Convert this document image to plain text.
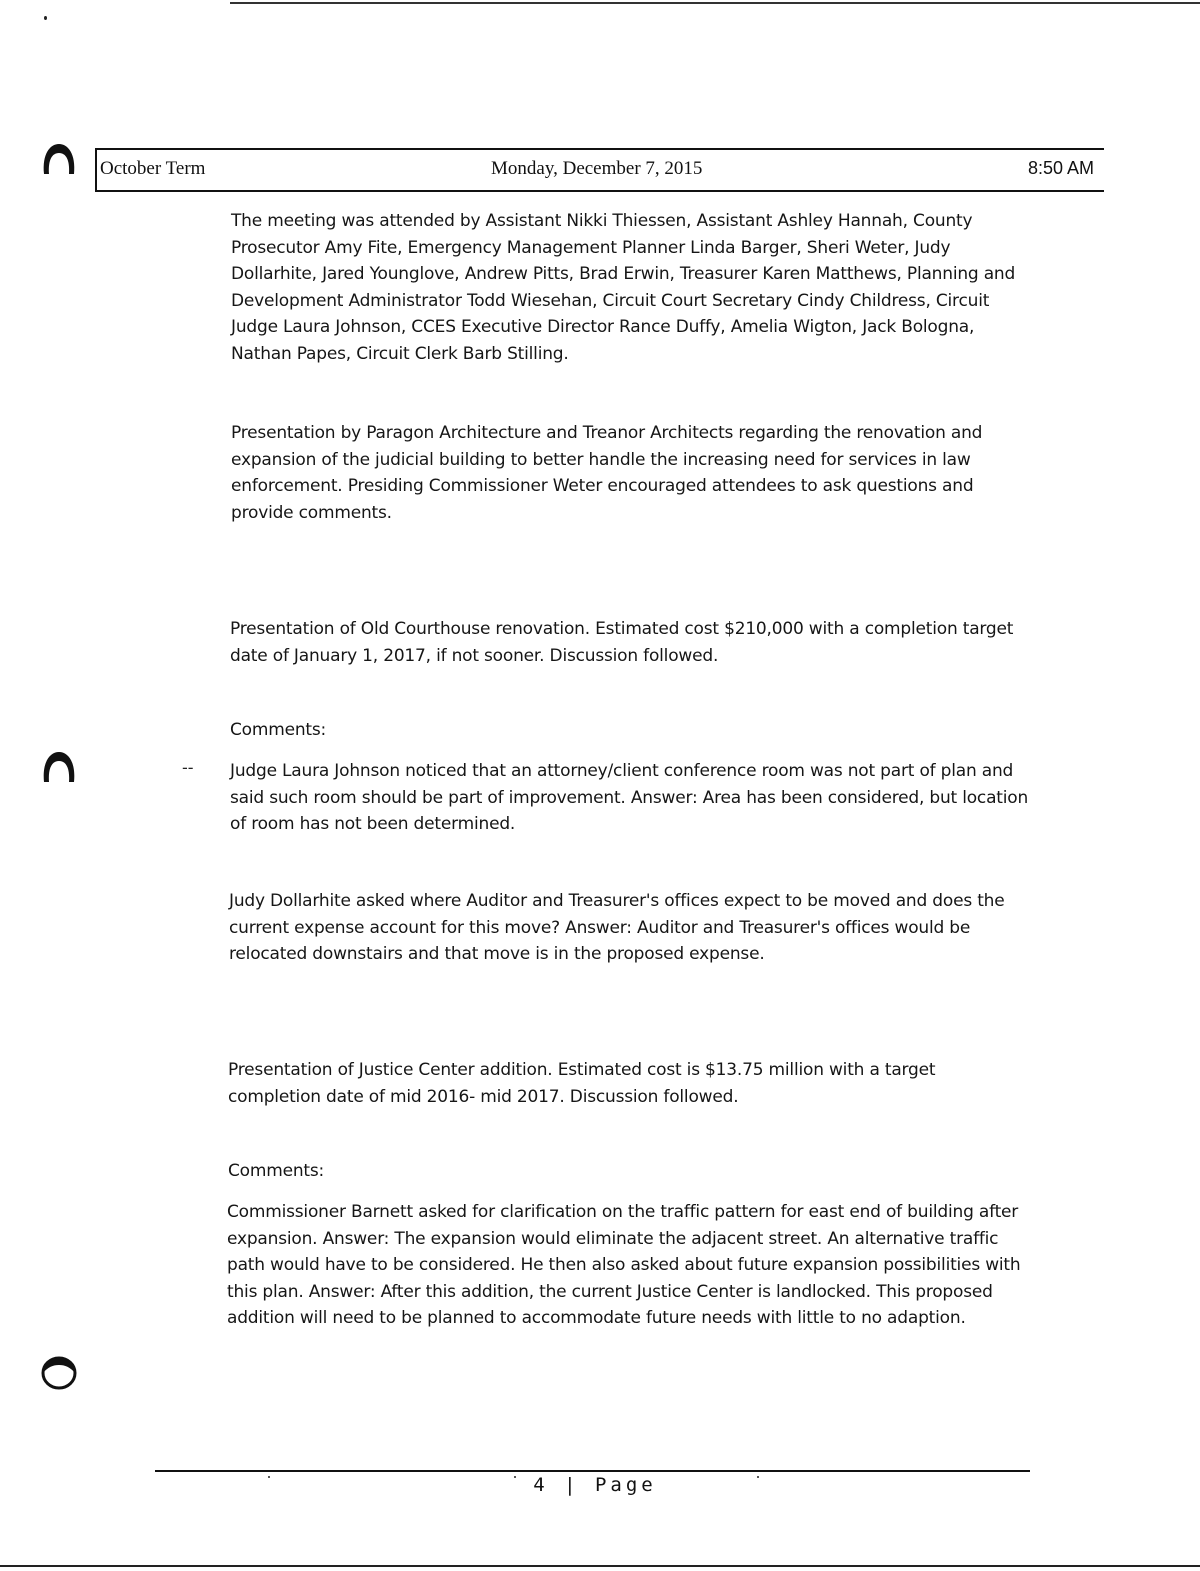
October Term	Monday, December 7, 2015	8:50 AM

The meeting was attended by Assistant Nikki Thiessen, Assistant Ashley Hannah, County Prosecutor Amy Fite, Emergency Management Planner Linda Barger, Sheri Weter, Judy Dollarhite, Jared Younglove, Andrew Pitts, Brad Erwin, Treasurer Karen Matthews, Planning and Development Administrator Todd Wiesehan, Circuit Court Secretary Cindy Childress, Circuit Judge Laura Johnson, CCES Executive Director Rance Duffy, Amelia Wigton, Jack Bologna, Nathan Papes, Circuit Clerk Barb Stilling.

Presentation by Paragon Architecture and Treanor Architects regarding the renovation and expansion of the judicial building to better handle the increasing need for services in law enforcement. Presiding Commissioner Weter encouraged attendees to ask questions and provide comments.

Presentation of Old Courthouse renovation. Estimated cost $210,000 with a completion target date of January 1, 2017, if not sooner. Discussion followed.

Comments:

-- Judge Laura Johnson noticed that an attorney/client conference room was not part of plan and said such room should be part of improvement. Answer: Area has been considered, but location of room has not been determined.

Judy Dollarhite asked where Auditor and Treasurer's offices expect to be moved and does the current expense account for this move? Answer: Auditor and Treasurer's offices would be relocated downstairs and that move is in the proposed expense.

Presentation of Justice Center addition. Estimated cost is $13.75 million with a target completion date of mid 2016- mid 2017. Discussion followed.

Comments:

Commissioner Barnett asked for clarification on the traffic pattern for east end of building after expansion. Answer: The expansion would eliminate the adjacent street. An alternative traffic path would have to be considered. He then also asked about future expansion possibilities with this plan. Answer: After this addition, the current Justice Center is landlocked. This proposed addition will need to be planned to accommodate future needs with little to no adaption.

4 | Page
